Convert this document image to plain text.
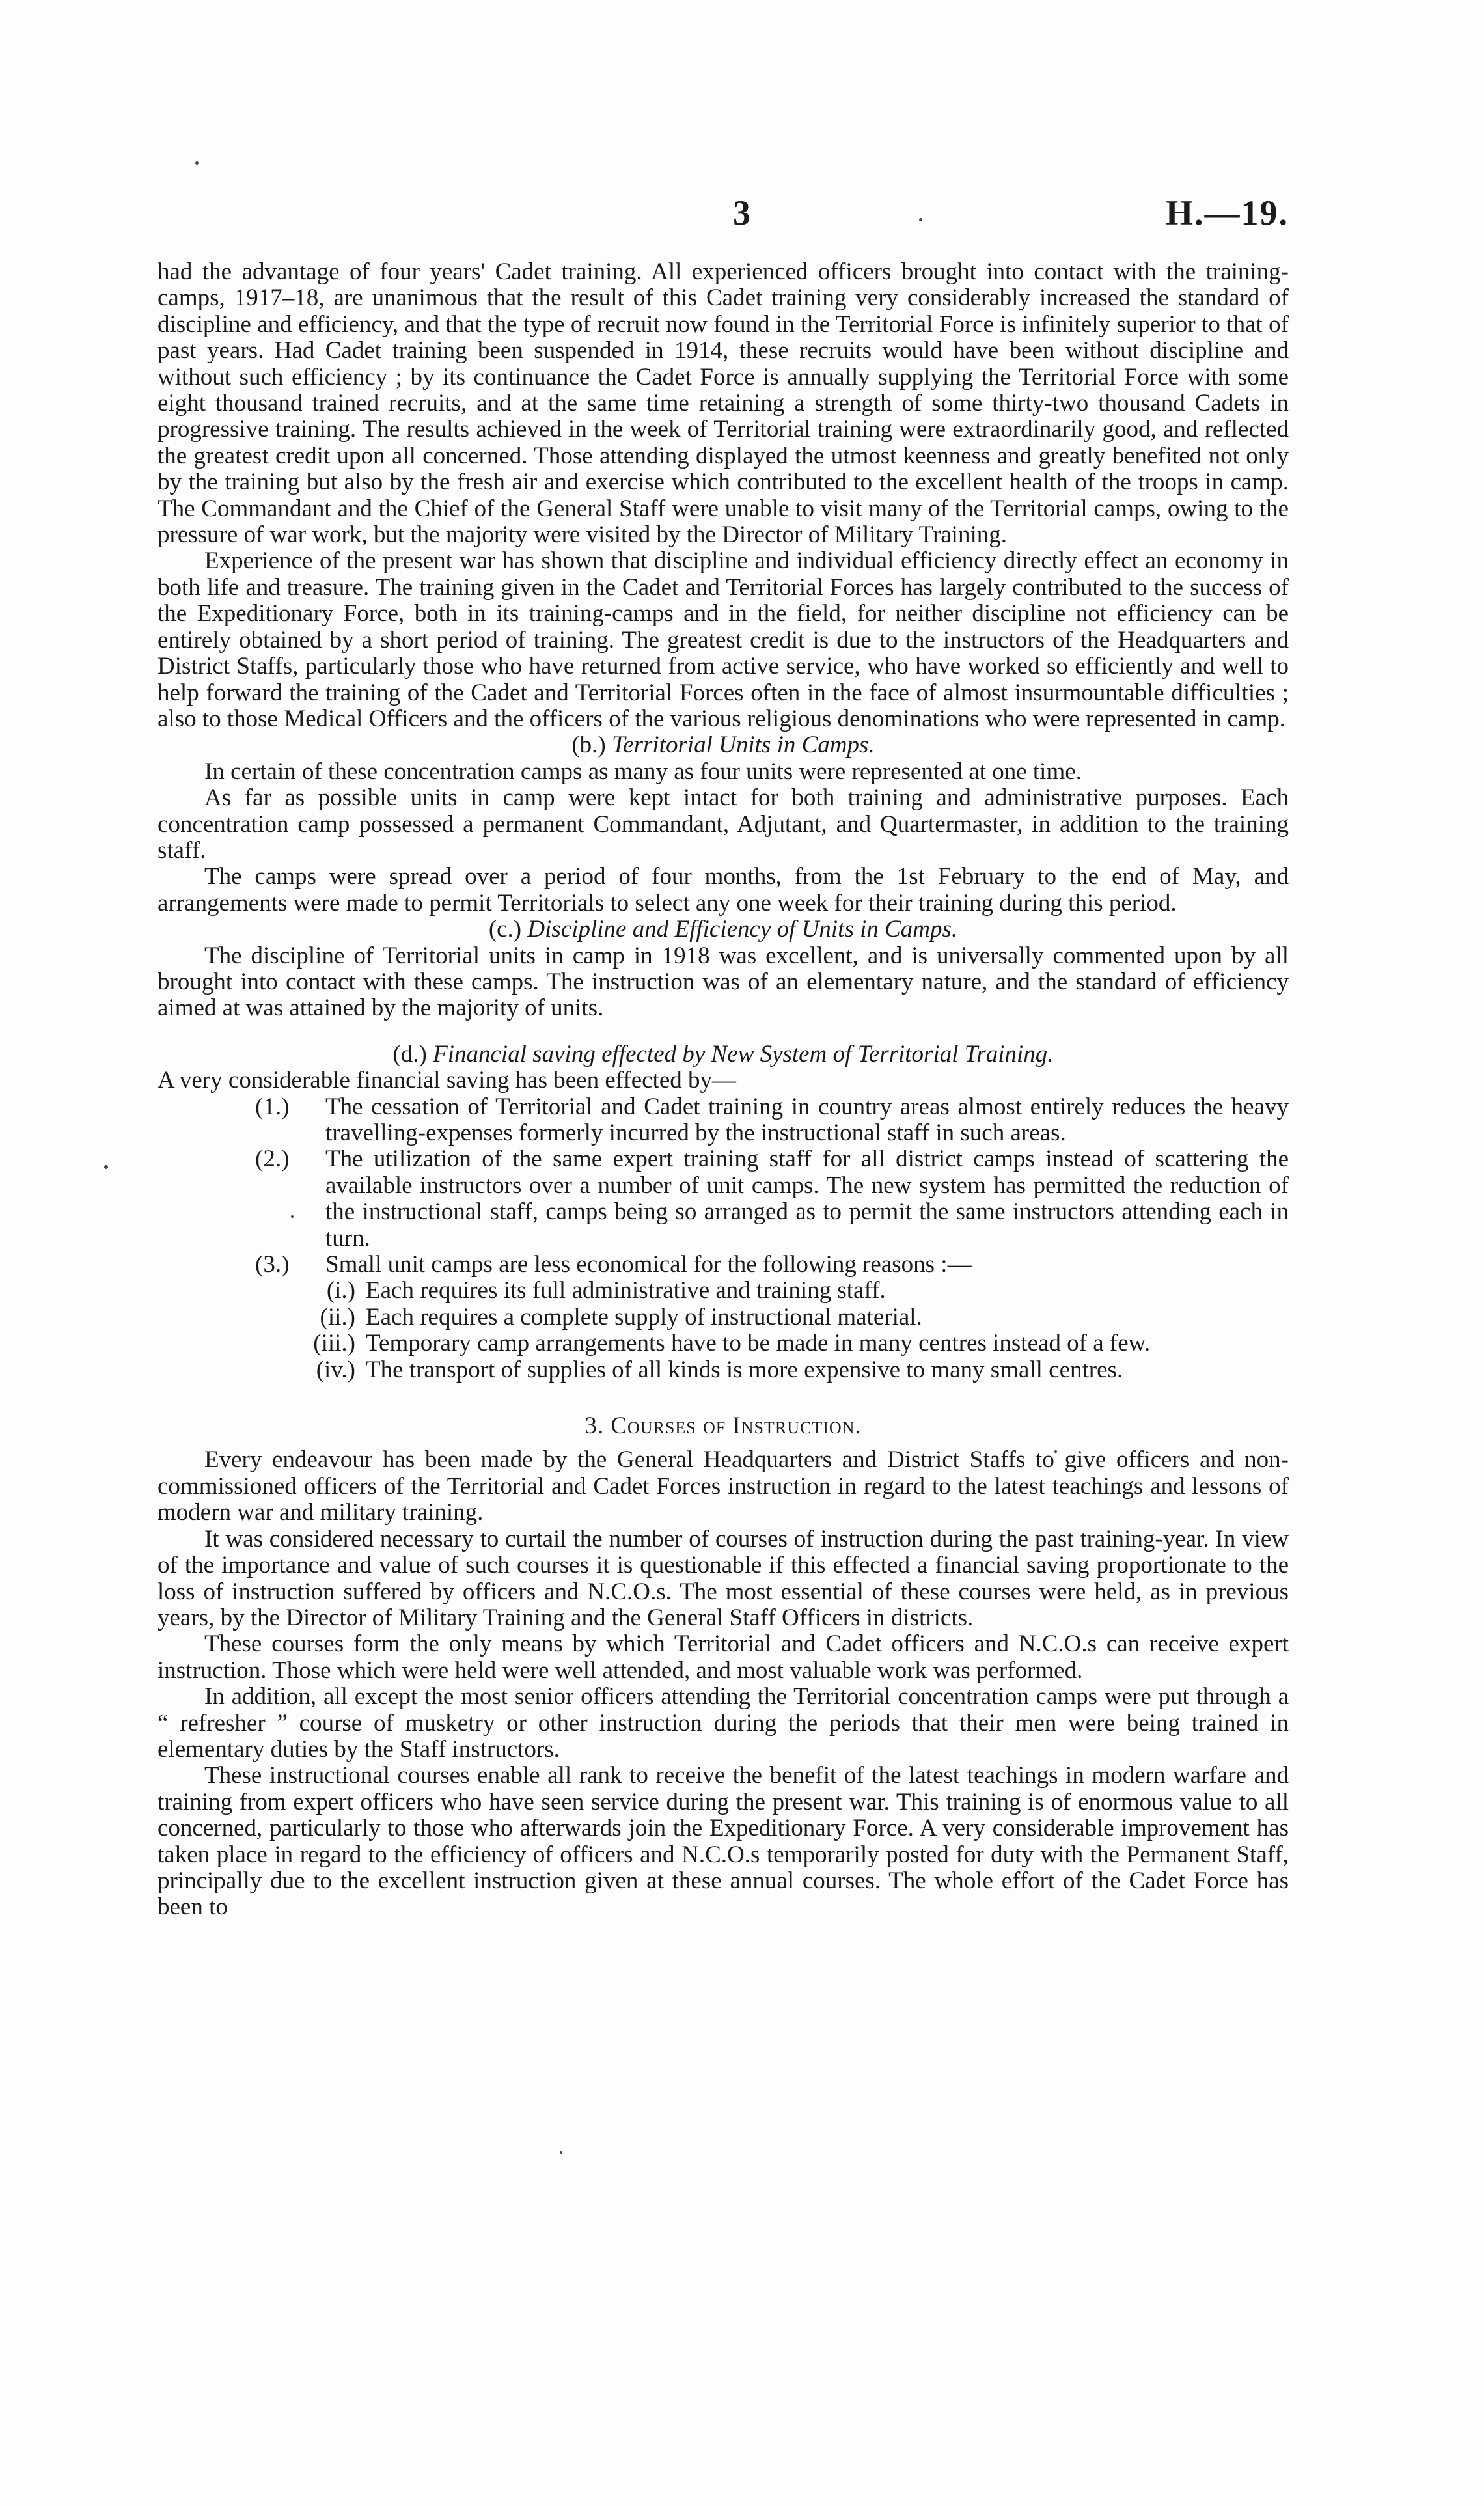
3	H.—19.

had the advantage of four years' Cadet training. All experienced officers brought into contact with the training-camps, 1917–18, are unanimous that the result of this Cadet training very considerably increased the standard of discipline and efficiency, and that the type of recruit now found in the Territorial Force is infinitely superior to that of past years. Had Cadet training been suspended in 1914, these recruits would have been without discipline and without such efficiency ; by its continuance the Cadet Force is annually supplying the Territorial Force with some eight thousand trained recruits, and at the same time retaining a strength of some thirty-two thousand Cadets in progressive training. The results achieved in the week of Territorial training were extraordinarily good, and reflected the greatest credit upon all concerned. Those attending displayed the utmost keenness and greatly benefited not only by the training but also by the fresh air and exercise which contributed to the excellent health of the troops in camp. The Commandant and the Chief of the General Staff were unable to visit many of the Territorial camps, owing to the pressure of war work, but the majority were visited by the Director of Military Training.

Experience of the present war has shown that discipline and individual efficiency directly effect an economy in both life and treasure. The training given in the Cadet and Territorial Forces has largely contributed to the success of the Expeditionary Force, both in its training-camps and in the field, for neither discipline not efficiency can be entirely obtained by a short period of training. The greatest credit is due to the instructors of the Headquarters and District Staffs, particularly those who have returned from active service, who have worked so efficiently and well to help forward the training of the Cadet and Territorial Forces often in the face of almost insurmountable difficulties ; also to those Medical Officers and the officers of the various religious denominations who were represented in camp.

(b.) Territorial Units in Camps.

In certain of these concentration camps as many as four units were represented at one time.

As far as possible units in camp were kept intact for both training and administrative purposes. Each concentration camp possessed a permanent Commandant, Adjutant, and Quartermaster, in addition to the training staff.

The camps were spread over a period of four months, from the 1st February to the end of May, and arrangements were made to permit Territorials to select any one week for their training during this period.

(c.) Discipline and Efficiency of Units in Camps.

The discipline of Territorial units in camp in 1918 was excellent, and is universally commented upon by all brought into contact with these camps. The instruction was of an elementary nature, and the standard of efficiency aimed at was attained by the majority of units.

(d.) Financial saving effected by New System of Territorial Training.

A very considerable financial saving has been effected by—

(1.)	The cessation of Territorial and Cadet training in country areas almost entirely reduces the heavy travelling-expenses formerly incurred by the instructional staff in such areas.
(2.)	The utilization of the same expert training staff for all district camps instead of scattering the available instructors over a number of unit camps. The new system has permitted the reduction of the instructional staff, camps being so arranged as to permit the same instructors attending each in turn.
(3.)	Small unit camps are less economical for the following reasons :—
(i.) Each requires its full administrative and training staff.
(ii.) Each requires a complete supply of instructional material.
(iii.) Temporary camp arrangements have to be made in many centres instead of a few.
(iv.) The transport of supplies of all kinds is more expensive to many small centres.
3. Courses of Instruction.

Every endeavour has been made by the General Headquarters and District Staffs to give officers and non-commissioned officers of the Territorial and Cadet Forces instruction in regard to the latest teachings and lessons of modern war and military training.

It was considered necessary to curtail the number of courses of instruction during the past training-year. In view of the importance and value of such courses it is questionable if this effected a financial saving proportionate to the loss of instruction suffered by officers and N.C.O.s. The most essential of these courses were held, as in previous years, by the Director of Military Training and the General Staff Officers in districts.

These courses form the only means by which Territorial and Cadet officers and N.C.O.s can receive expert instruction. Those which were held were well attended, and most valuable work was performed.

In addition, all except the most senior officers attending the Territorial concentration camps were put through a “ refresher ” course of musketry or other instruction during the periods that their men were being trained in elementary duties by the Staff instructors.

These instructional courses enable all rank to receive the benefit of the latest teachings in modern warfare and training from expert officers who have seen service during the present war. This training is of enormous value to all concerned, particularly to those who afterwards join the Expeditionary Force. A very considerable improvement has taken place in regard to the efficiency of officers and N.C.O.s temporarily posted for duty with the Permanent Staff, principally due to the excellent instruction given at these annual courses. The whole effort of the Cadet Force has been to
